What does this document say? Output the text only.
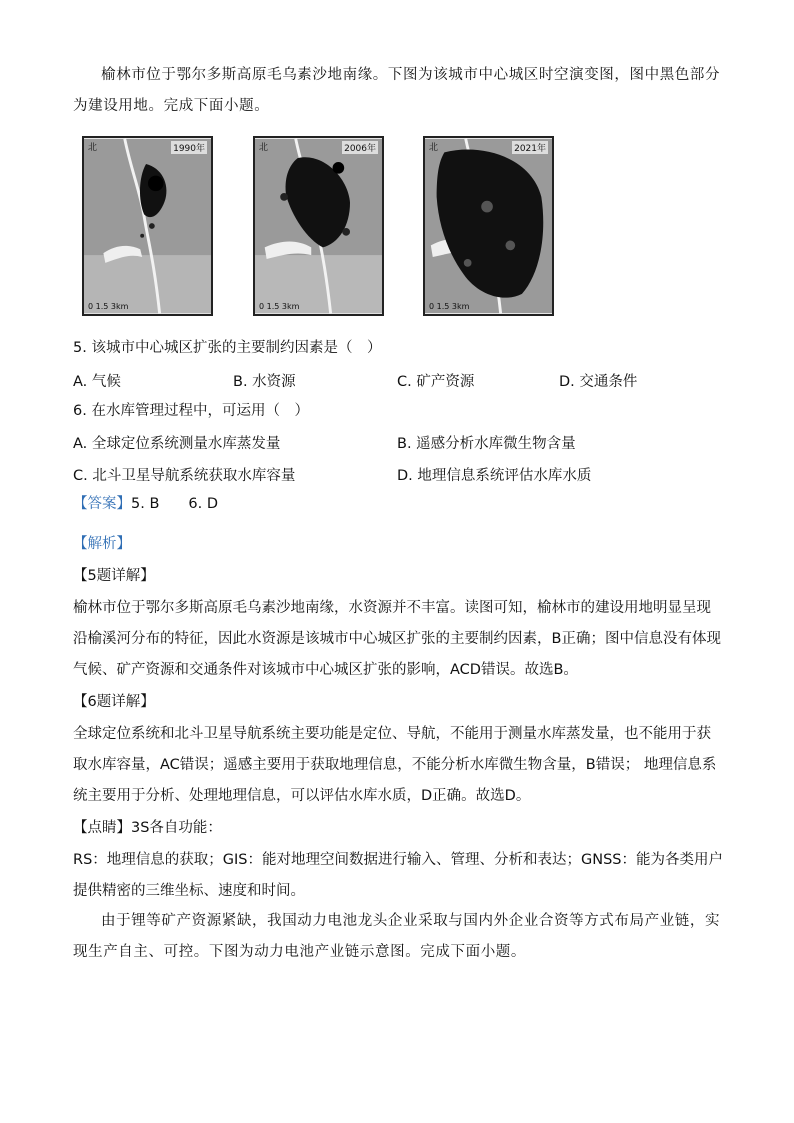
榆林市位于鄂尔多斯高原毛乌素沙地南缘。下图为该城市中心城区时空演变图，图中黑色部分为建设用地。完成下面小题。

北	1990年
0 1.5 3km
北	2006年
0 1.5 3km
北	2021年
0 1.5 3km

5. 该城市中心城区扩张的主要制约因素是（　）

A. 气候	B. 水资源	C. 矿产资源	D. 交通条件

6. 在水库管理过程中，可运用（　）

A. 全球定位系统测量水库蒸发量	B. 遥感分析水库微生物含量
C. 北斗卫星导航系统获取水库容量	D. 地理信息系统评估水库水质

【答案】5. B　　6. D

【解析】

【5题详解】

榆林市位于鄂尔多斯高原毛乌素沙地南缘，水资源并不丰富。读图可知，榆林市的建设用地明显呈现沿榆溪河分布的特征，因此水资源是该城市中心城区扩张的主要制约因素，B正确；图中信息没有体现气候、矿产资源和交通条件对该城市中心城区扩张的影响，ACD错误。故选B。

【6题详解】

全球定位系统和北斗卫星导航系统主要功能是定位、导航，不能用于测量水库蒸发量，也不能用于获取水库容量，AC错误；遥感主要用于获取地理信息，不能分析水库微生物含量，B错误； 地理信息系统主要用于分析、处理地理信息，可以评估水库水质，D正确。故选D。

【点睛】3S各自功能：

RS：地理信息的获取；GIS：能对地理空间数据进行输入、管理、分析和表达；GNSS：能为各类用户提供精密的三维坐标、速度和时间。

由于锂等矿产资源紧缺，我国动力电池龙头企业采取与国内外企业合资等方式布局产业链，实现生产自主、可控。下图为动力电池产业链示意图。完成下面小题。
